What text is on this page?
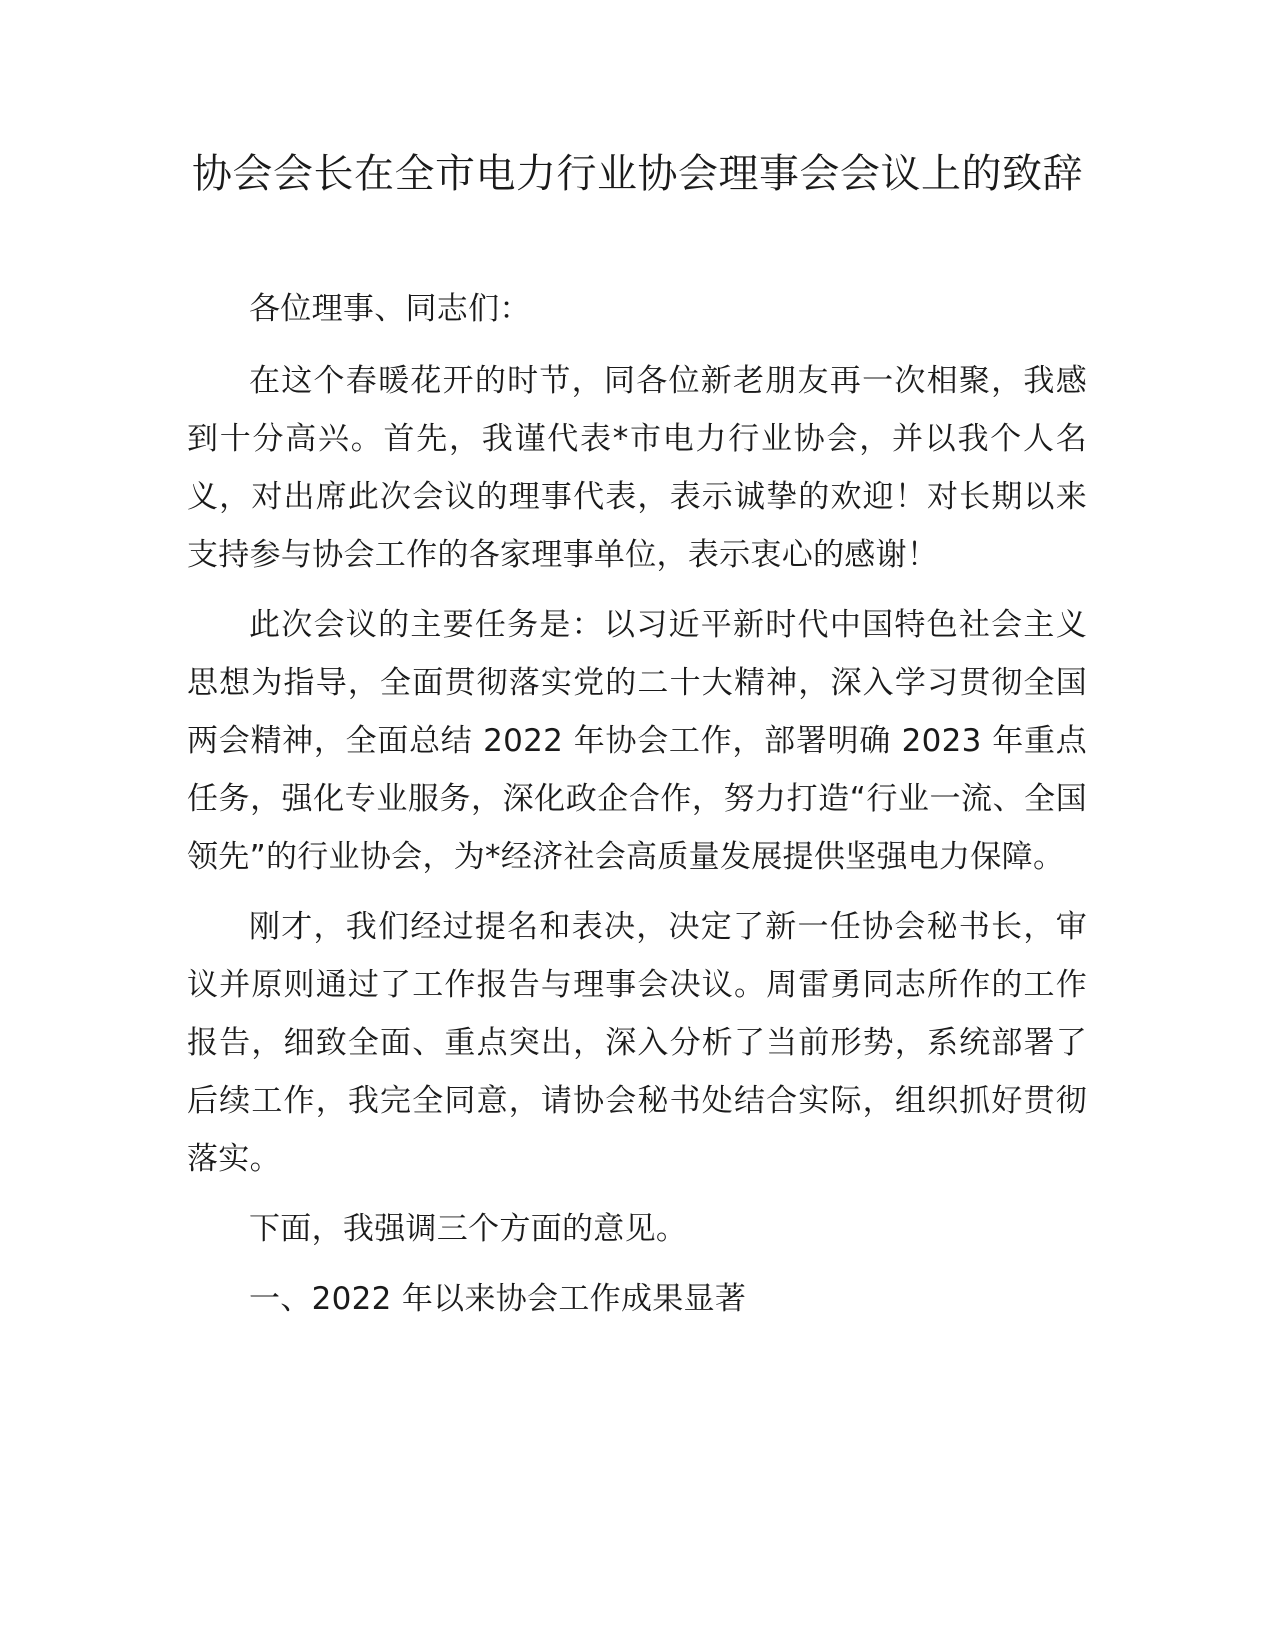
协会会长在全市电力行业协会理事会会议上的致辞

各位理事、同志们：

在这个春暖花开的时节，同各位新老朋友再一次相聚，我感到十分高兴。首先，我谨代表*市电力行业协会，并以我个人名义，对出席此次会议的理事代表，表示诚挚的欢迎！对长期以来支持参与协会工作的各家理事单位，表示衷心的感谢！

此次会议的主要任务是：以习近平新时代中国特色社会主义思想为指导，全面贯彻落实党的二十大精神，深入学习贯彻全国两会精神，全面总结 2022 年协会工作，部署明确 2023 年重点任务，强化专业服务，深化政企合作，努力打造“行业一流、全国领先”的行业协会，为*经济社会高质量发展提供坚强电力保障。

刚才，我们经过提名和表决，决定了新一任协会秘书长，审议并原则通过了工作报告与理事会决议。周雷勇同志所作的工作报告，细致全面、重点突出，深入分析了当前形势，系统部署了后续工作，我完全同意，请协会秘书处结合实际，组织抓好贯彻落实。

下面，我强调三个方面的意见。

一、2022 年以来协会工作成果显著
